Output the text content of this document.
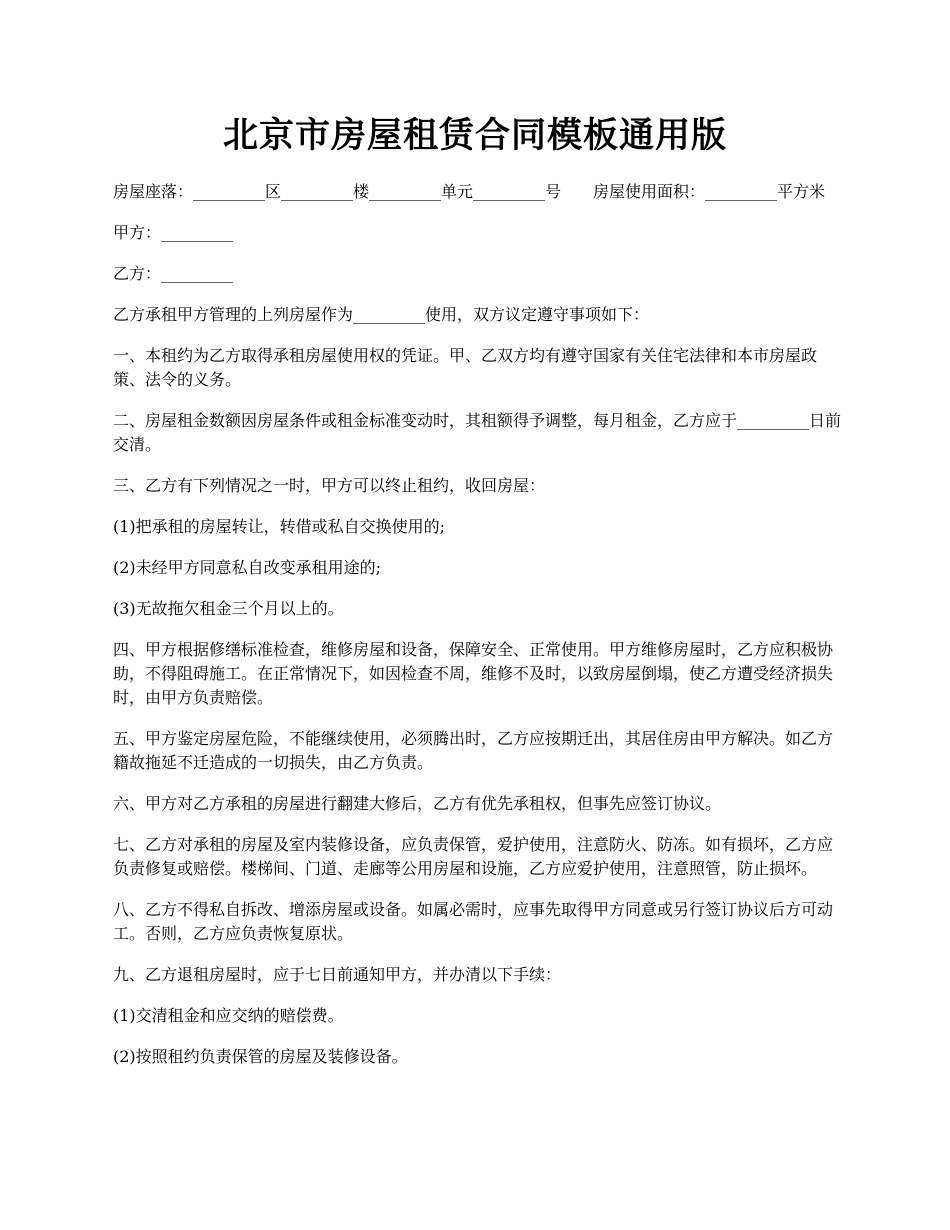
北京市房屋租赁合同模板通用版

房屋座落：_________区_________楼_________单元_________号　　房屋使用面积：_________平方米

甲方：_________

乙方：_________

乙方承租甲方管理的上列房屋作为_________使用，双方议定遵守事项如下：

一、本租约为乙方取得承租房屋使用权的凭证。甲、乙双方均有遵守国家有关住宅法律和本市房屋政策、法令的义务。

二、房屋租金数额因房屋条件或租金标准变动时，其租额得予调整，每月租金，乙方应于_________日前交清。

三、乙方有下列情况之一时，甲方可以终止租约，收回房屋：

(1)把承租的房屋转让，转借或私自交换使用的;

(2)未经甲方同意私自改变承租用途的;

(3)无故拖欠租金三个月以上的。

四、甲方根据修缮标准检查，维修房屋和设备，保障安全、正常使用。甲方维修房屋时，乙方应积极协助，不得阻碍施工。在正常情况下，如因检查不周，维修不及时，以致房屋倒塌，使乙方遭受经济损失时，由甲方负责赔偿。

五、甲方鉴定房屋危险，不能继续使用，必须腾出时，乙方应按期迁出，其居住房由甲方解决。如乙方籍故拖延不迁造成的一切损失，由乙方负责。

六、甲方对乙方承租的房屋进行翻建大修后，乙方有优先承租权，但事先应签订协议。

七、乙方对承租的房屋及室内装修设备，应负责保管，爱护使用，注意防火、防冻。如有损坏，乙方应负责修复或赔偿。楼梯间、门道、走廊等公用房屋和设施，乙方应爱护使用，注意照管，防止损坏。

八、乙方不得私自拆改、增添房屋或设备。如属必需时，应事先取得甲方同意或另行签订协议后方可动工。否则，乙方应负责恢复原状。

九、乙方退租房屋时，应于七日前通知甲方，并办清以下手续：

(1)交清租金和应交纳的赔偿费。

(2)按照租约负责保管的房屋及装修设备。
